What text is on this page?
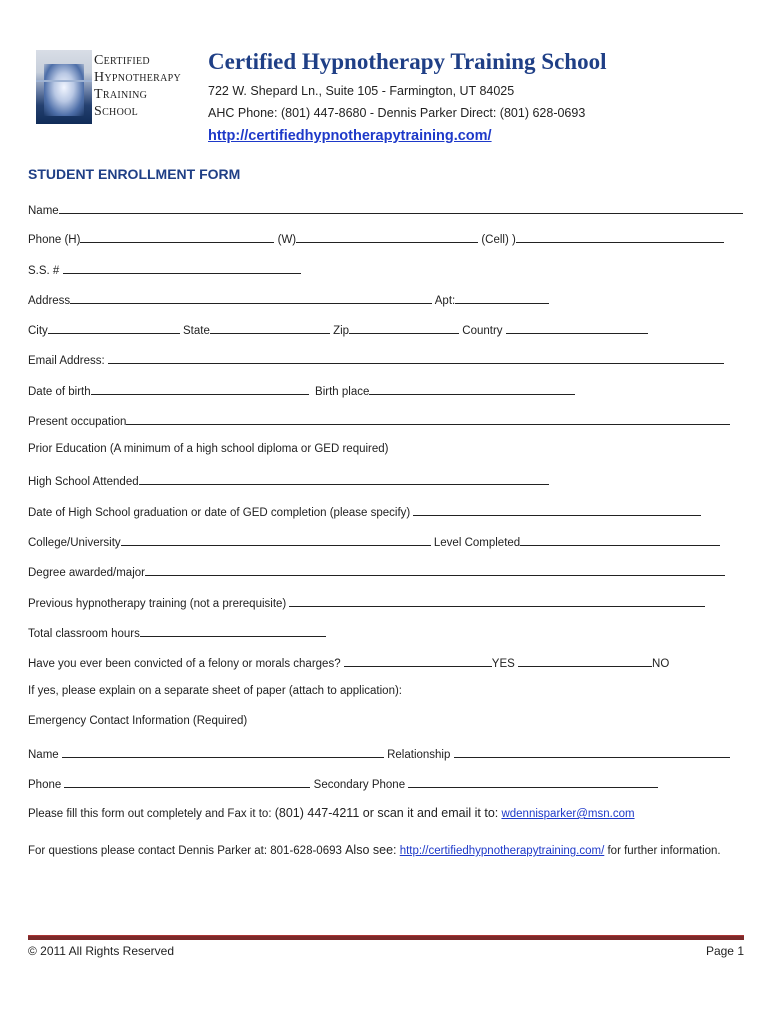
Certified
Hypnotherapy
Training
School
Certified Hypnotherapy Training School
722 W. Shepard Ln., Suite 105 - Farmington, UT 84025
AHC Phone: (801) 447-8680 - Dennis Parker Direct: (801) 628-0693
http://certifiedhypnotherapytraining.com/
STUDENT ENROLLMENT FORM
Name
Phone (H)	(W)	(Cell) )
S.S. #
Address	Apt:
City	State	Zip	Country
Email Address:
Date of birth	Birth place
Present occupation
Prior Education (A minimum of a high school diploma or GED required)
High School Attended
Date of High School graduation or date of GED completion (please specify)
College/University	Level Completed
Degree awarded/major
Previous hypnotherapy training (not a prerequisite)
Total classroom hours
Have you ever been convicted of a felony or morals charges?	YES	NO
If yes, please explain on a separate sheet of paper (attach to application):
Emergency Contact Information (Required)
Name	Relationship
Phone	Secondary Phone
Please fill this form out completely and Fax it to: (801) 447-4211 or scan it and email it to: wdennisparker@msn.com
For questions please contact Dennis Parker at: 801-628-0693 Also see: http://certifiedhypnotherapytraining.com/ for further information.
© 2011 All Rights Reserved	Page 1
